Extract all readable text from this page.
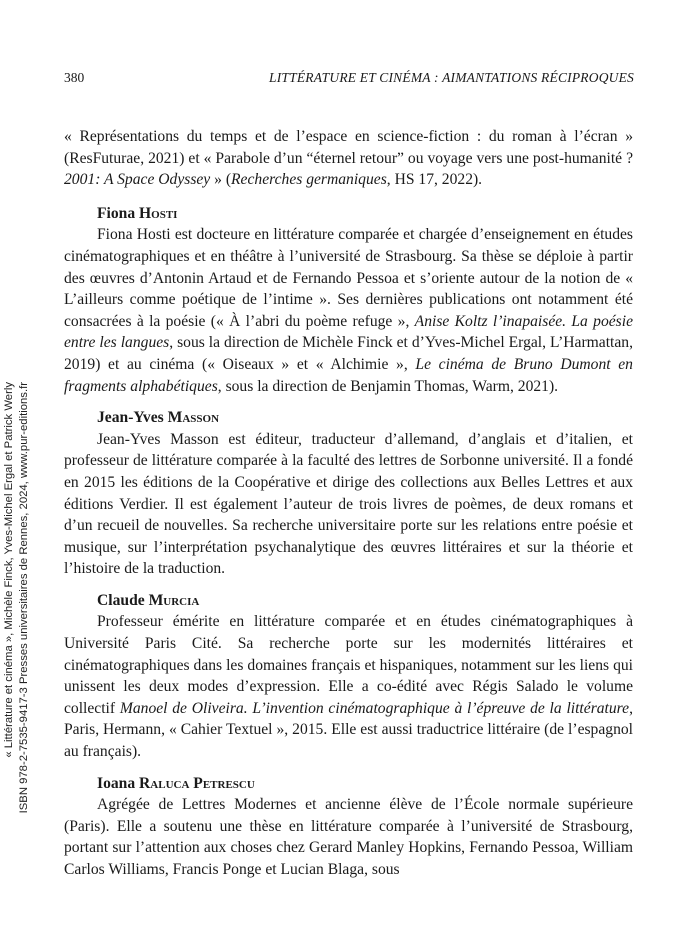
380	LITTÉRATURE ET CINÉMA : AIMANTATIONS RÉCIPROQUES

« Représentations du temps et de l’espace en science-fiction : du roman à l’écran » (ResFuturae, 2021) et « Parabole d’un “éternel retour” ou voyage vers une post-humanité ? 2001: A Space Odyssey » (Recherches germaniques, HS 17, 2022).

Fiona Hosti

Fiona Hosti est docteure en littérature comparée et chargée d’enseignement en études cinématographiques et en théâtre à l’université de Strasbourg. Sa thèse se déploie à partir des œuvres d’Antonin Artaud et de Fernando Pessoa et s’oriente autour de la notion de « L’ailleurs comme poétique de l’intime ». Ses dernières publications ont notamment été consacrées à la poésie (« À l’abri du poème refuge », Anise Koltz l’inapaisée. La poésie entre les langues, sous la direction de Michèle Finck et d’Yves-Michel Ergal, L’Harmattan, 2019) et au cinéma (« Oiseaux » et « Alchimie », Le cinéma de Bruno Dumont en fragments alphabétiques, sous la direction de Benjamin Thomas, Warm, 2021).

Jean-Yves Masson

Jean-Yves Masson est éditeur, traducteur d’allemand, d’anglais et d’italien, et professeur de littérature comparée à la faculté des lettres de Sorbonne université. Il a fondé en 2015 les éditions de la Coopérative et dirige des collections aux Belles Lettres et aux éditions Verdier. Il est également l’auteur de trois livres de poèmes, de deux romans et d’un recueil de nouvelles. Sa recherche universitaire porte sur les relations entre poésie et musique, sur l’interprétation psychanalytique des œuvres littéraires et sur la théorie et l’histoire de la traduction.

Claude Murcia

Professeur émérite en littérature comparée et en études cinématographiques à Université Paris Cité. Sa recherche porte sur les modernités littéraires et cinématographiques dans les domaines français et hispaniques, notamment sur les liens qui unissent les deux modes d’expression. Elle a co-édité avec Régis Salado le volume collectif Manoel de Oliveira. L’invention cinématographique à l’épreuve de la littérature, Paris, Hermann, « Cahier Textuel », 2015. Elle est aussi traductrice littéraire (de l’espagnol au français).

Ioana Raluca Petrescu

Agrégée de Lettres Modernes et ancienne élève de l’École normale supérieure (Paris). Elle a soutenu une thèse en littérature comparée à l’université de Strasbourg, portant sur l’attention aux choses chez Gerard Manley Hopkins, Fernando Pessoa, William Carlos Williams, Francis Ponge et Lucian Blaga, sous

« Littérature et cinéma », Michèle Finck, Yves-Michel Ergal et Patrick Werly ISBN 978-2-7535-9417-3 Presses universitaires de Rennes, 2024, www.pur-editions.fr
